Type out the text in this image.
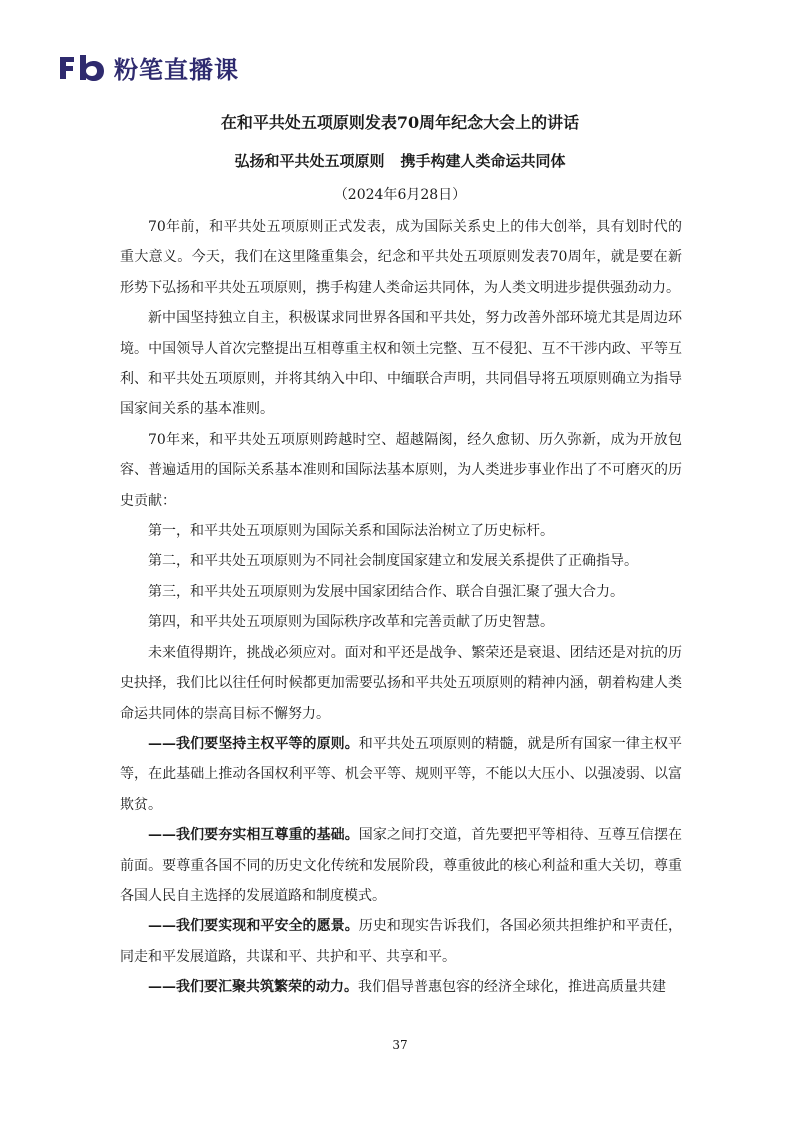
粉笔直播课
在和平共处五项原则发表70周年纪念大会上的讲话
弘扬和平共处五项原则 携手构建人类命运共同体
（2024年6月28日）

70年前，和平共处五项原则正式发表，成为国际关系史上的伟大创举，具有划时代的重大意义。今天，我们在这里隆重集会，纪念和平共处五项原则发表70周年，就是要在新形势下弘扬和平共处五项原则，携手构建人类命运共同体，为人类文明进步提供强劲动力。

新中国坚持独立自主，积极谋求同世界各国和平共处，努力改善外部环境尤其是周边环境。中国领导人首次完整提出互相尊重主权和领土完整、互不侵犯、互不干涉内政、平等互利、和平共处五项原则，并将其纳入中印、中缅联合声明，共同倡导将五项原则确立为指导国家间关系的基本准则。

70年来，和平共处五项原则跨越时空、超越隔阂，经久愈韧、历久弥新，成为开放包容、普遍适用的国际关系基本准则和国际法基本原则，为人类进步事业作出了不可磨灭的历史贡献：

第一，和平共处五项原则为国际关系和国际法治树立了历史标杆。

第二，和平共处五项原则为不同社会制度国家建立和发展关系提供了正确指导。

第三，和平共处五项原则为发展中国家团结合作、联合自强汇聚了强大合力。

第四，和平共处五项原则为国际秩序改革和完善贡献了历史智慧。

未来值得期许，挑战必须应对。面对和平还是战争、繁荣还是衰退、团结还是对抗的历史抉择，我们比以往任何时候都更加需要弘扬和平共处五项原则的精神内涵，朝着构建人类命运共同体的崇高目标不懈努力。

——我们要坚持主权平等的原则。和平共处五项原则的精髓，就是所有国家一律主权平等，在此基础上推动各国权利平等、机会平等、规则平等，不能以大压小、以强凌弱、以富欺贫。

——我们要夯实相互尊重的基础。国家之间打交道，首先要把平等相待、互尊互信摆在前面。要尊重各国不同的历史文化传统和发展阶段，尊重彼此的核心利益和重大关切，尊重各国人民自主选择的发展道路和制度模式。

——我们要实现和平安全的愿景。历史和现实告诉我们，各国必须共担维护和平责任，同走和平发展道路，共谋和平、共护和平、共享和平。

——我们要汇聚共筑繁荣的动力。我们倡导普惠包容的经济全球化，推进高质量共建

37
